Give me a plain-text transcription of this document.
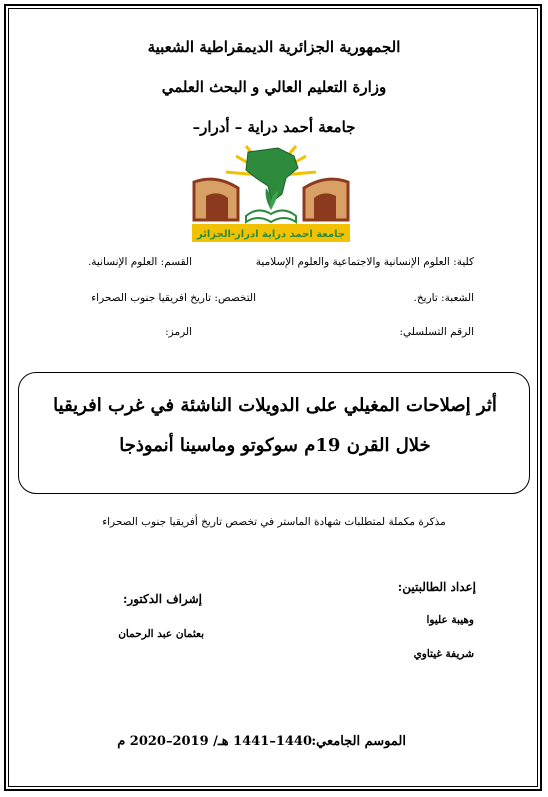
الجمهورية الجزائرية الديمقراطية الشعبية
وزارة التعليم العالي و البحث العلمي
جامعة أحمد دراية – أدرار–
جامعة احمد دراية ادرار-الجزائر
كلية: العلوم الإنسانية والاجتماعية والعلوم الإسلامية
القسم: العلوم الإنسانية.
الشعبة: تاريخ.
التخصص: تاريخ افريقيا جنوب الصحراء
الرقم التسلسلي:
الرمز:
أثر إصلاحات المغيلي على الدويلات الناشئة في غرب افريقيا
خلال القرن 19م سوكوتو وماسينا أنموذجا
مذكرة مكملة لمتطلبات شهادة الماستر في تخصص تاريخ أفريقيا جنوب الصحراء
إعداد الطالبتين:
وهيبة عليوا
شريفة غيتاوي
إشراف الدكتور:
بعثمان عبد الرحمان
الموسم الجامعي:
1440–1441 هـ/ 2019–2020 م
